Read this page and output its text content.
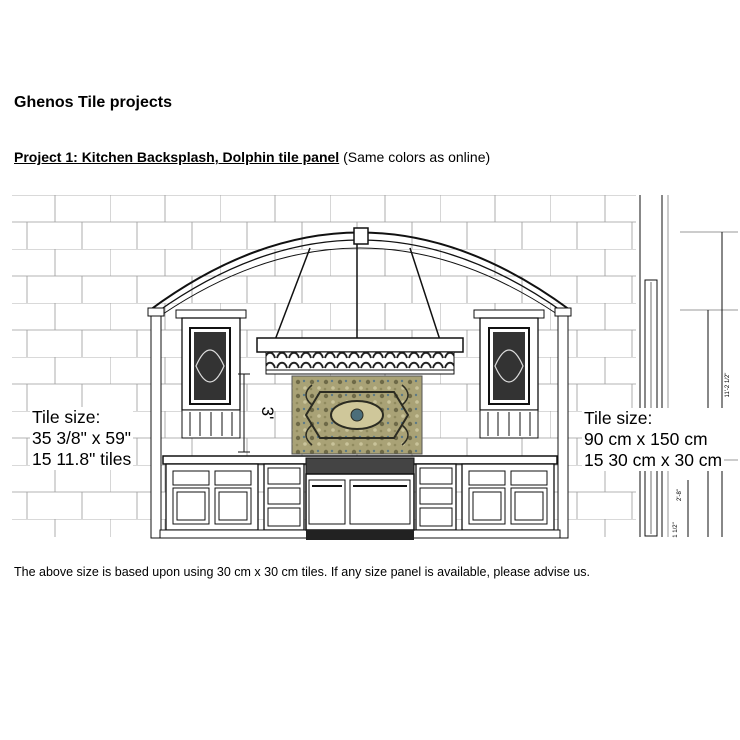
Ghenos Tile projects
Project 1: Kitchen Backsplash, Dolphin tile panel (Same colors as online)
3'
11'-2 1/2"
2'-8"
1 1/2"
Tile size:
35 3/8" x 59"
15 11.8" tiles
Tile size:
90 cm x 150 cm
15 30 cm x 30 cm
The above size is based upon using 30 cm x 30 cm tiles. If any size panel is available, please advise us.
